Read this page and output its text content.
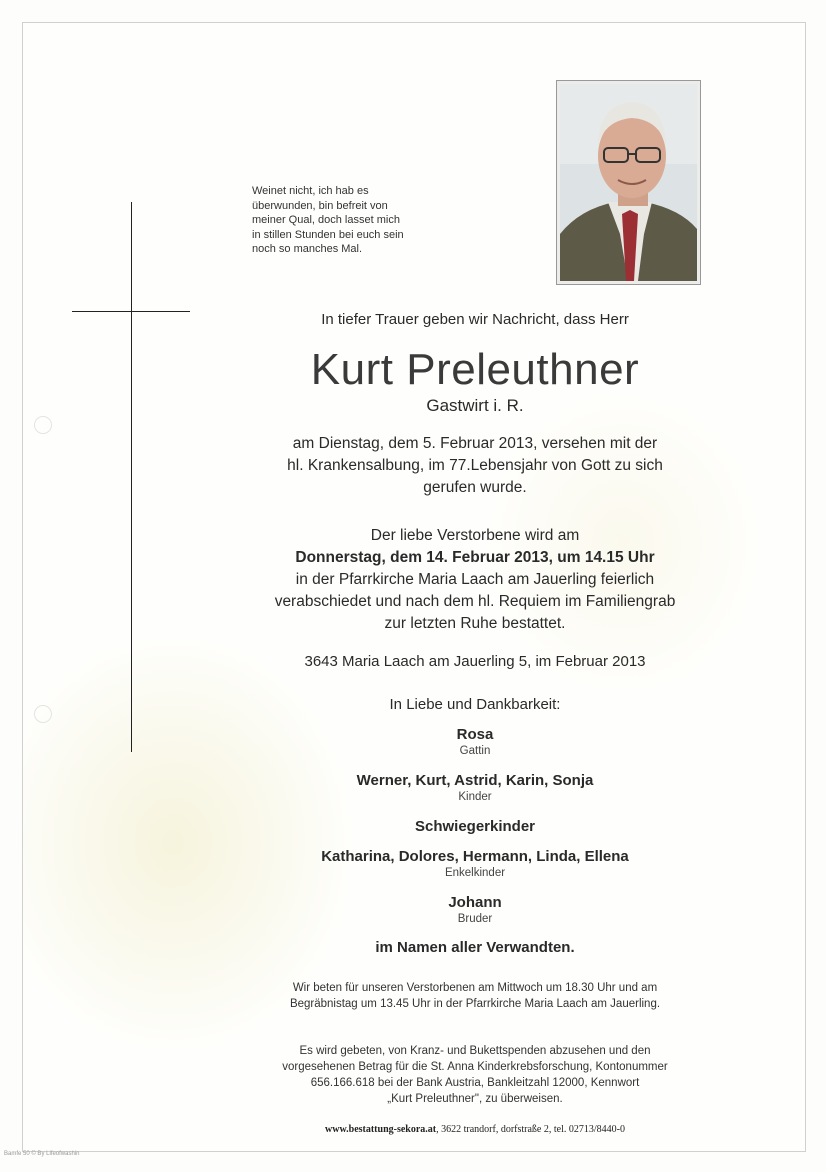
Weinet nicht, ich hab es
überwunden, bin befreit von
meiner Qual, doch lasset mich
in stillen Stunden bei euch sein
noch so manches Mal.
In tiefer Trauer geben wir Nachricht, dass Herr
Kurt Preleuthner
Gastwirt i. R.
am Dienstag, dem 5. Februar 2013, versehen mit der
hl. Krankensalbung, im 77.Lebensjahr von Gott zu sich
gerufen wurde.
Der liebe Verstorbene wird am
Donnerstag, dem 14. Februar 2013, um 14.15 Uhr
in der Pfarrkirche Maria Laach am Jauerling feierlich
verabschiedet und nach dem hl. Requiem im Familiengrab
zur letzten Ruhe bestattet.
3643 Maria Laach am Jauerling 5, im Februar 2013
In Liebe und Dankbarkeit:
Rosa
Gattin
Werner, Kurt, Astrid, Karin, Sonja
Kinder
Schwiegerkinder
Katharina, Dolores, Hermann, Linda, Ellena
Enkelkinder
Johann
Bruder
im Namen aller Verwandten.
Wir beten für unseren Verstorbenen am Mittwoch um 18.30 Uhr und am
Begräbnistag um 13.45 Uhr in der Pfarrkirche Maria Laach am Jauerling.
Es wird gebeten, von Kranz- und Bukettspenden abzusehen und den
vorgesehenen Betrag für die St. Anna Kinderkrebsforschung, Kontonummer
656.166.618 bei der Bank Austria, Bankleitzahl 12000, Kennwort
„Kurt Preleuthner", zu überweisen.
www.bestattung-sekora.at, 3622 trandorf, dorfstraße 2, tel. 02713/8440-0
Bamfe 50 © By Lifeofwashin
